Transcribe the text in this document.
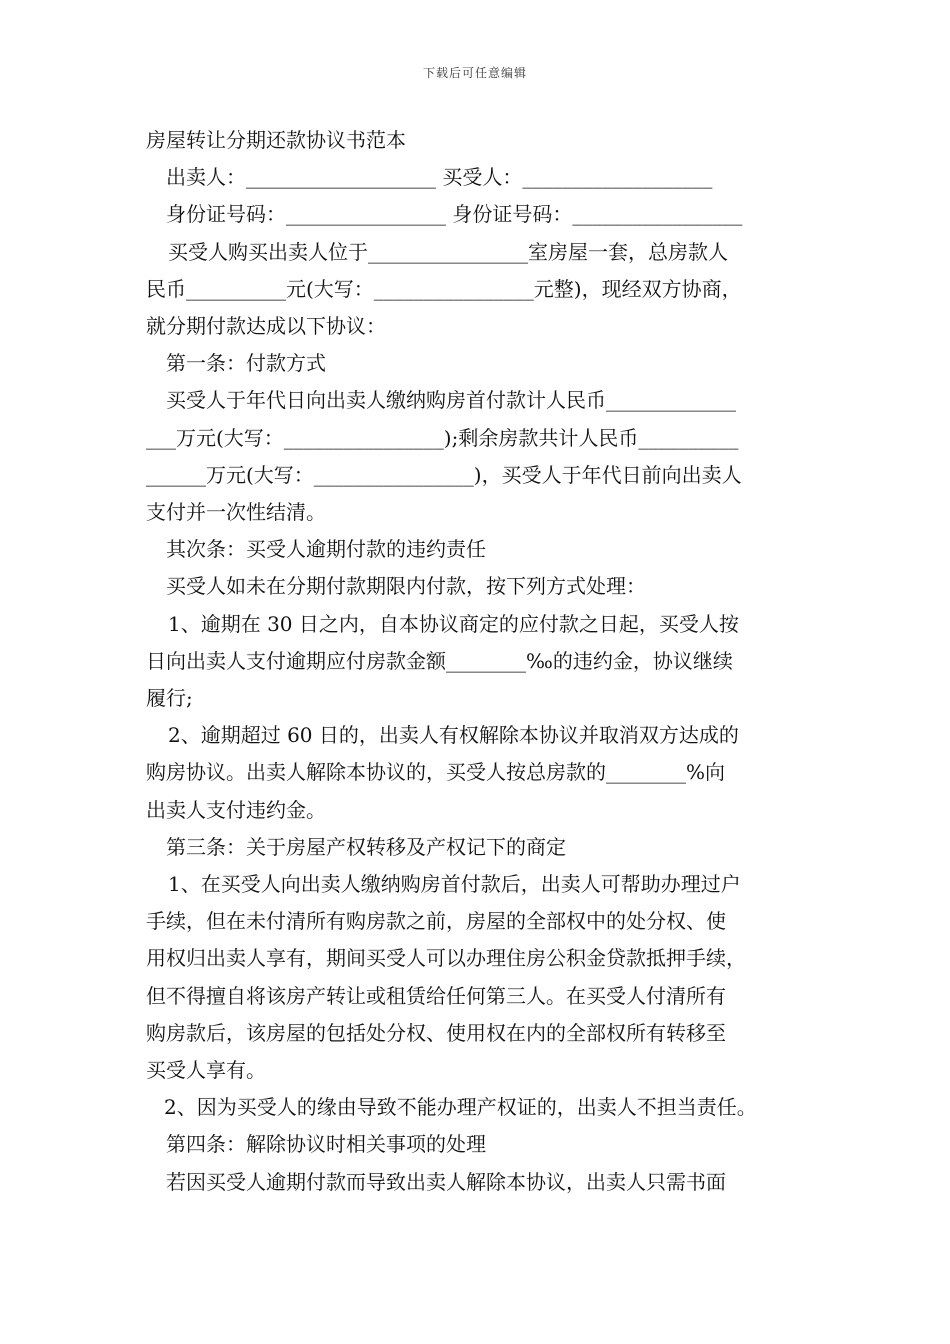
下载后可任意编辑
房屋转让分期还款协议书范本
出卖人：___________________ 买受人：___________________
身份证号码：________________ 身份证号码：_________________
买受人购买出卖人位于________________室房屋一套，总房款人
民币__________元(大写：________________元整)，现经双方协商，
就分期付款达成以下协议：
第一条：付款方式
买受人于年代日向出卖人缴纳购房首付款计人民币_____________
___万元(大写：________________);剩余房款共计人民币__________
______万元(大写：________________)，买受人于年代日前向出卖人
支付并一次性结清。
其次条：买受人逾期付款的违约责任
买受人如未在分期付款期限内付款，按下列方式处理：
1、逾期在 30 日之内，自本协议商定的应付款之日起，买受人按
日向出卖人支付逾期应付房款金额________‰的违约金，协议继续
履行;
2、逾期超过 60 日的，出卖人有权解除本协议并取消双方达成的
购房协议。出卖人解除本协议的，买受人按总房款的________%向
出卖人支付违约金。
第三条：关于房屋产权转移及产权记下的商定
1、在买受人向出卖人缴纳购房首付款后，出卖人可帮助办理过户
手续，但在未付清所有购房款之前，房屋的全部权中的处分权、使
用权归出卖人享有，期间买受人可以办理住房公积金贷款抵押手续，
但不得擅自将该房产转让或租赁给任何第三人。在买受人付清所有
购房款后，该房屋的包括处分权、使用权在内的全部权所有转移至
买受人享有。
2、因为买受人的缘由导致不能办理产权证的，出卖人不担当责任。
第四条：解除协议时相关事项的处理
若因买受人逾期付款而导致出卖人解除本协议，出卖人只需书面
